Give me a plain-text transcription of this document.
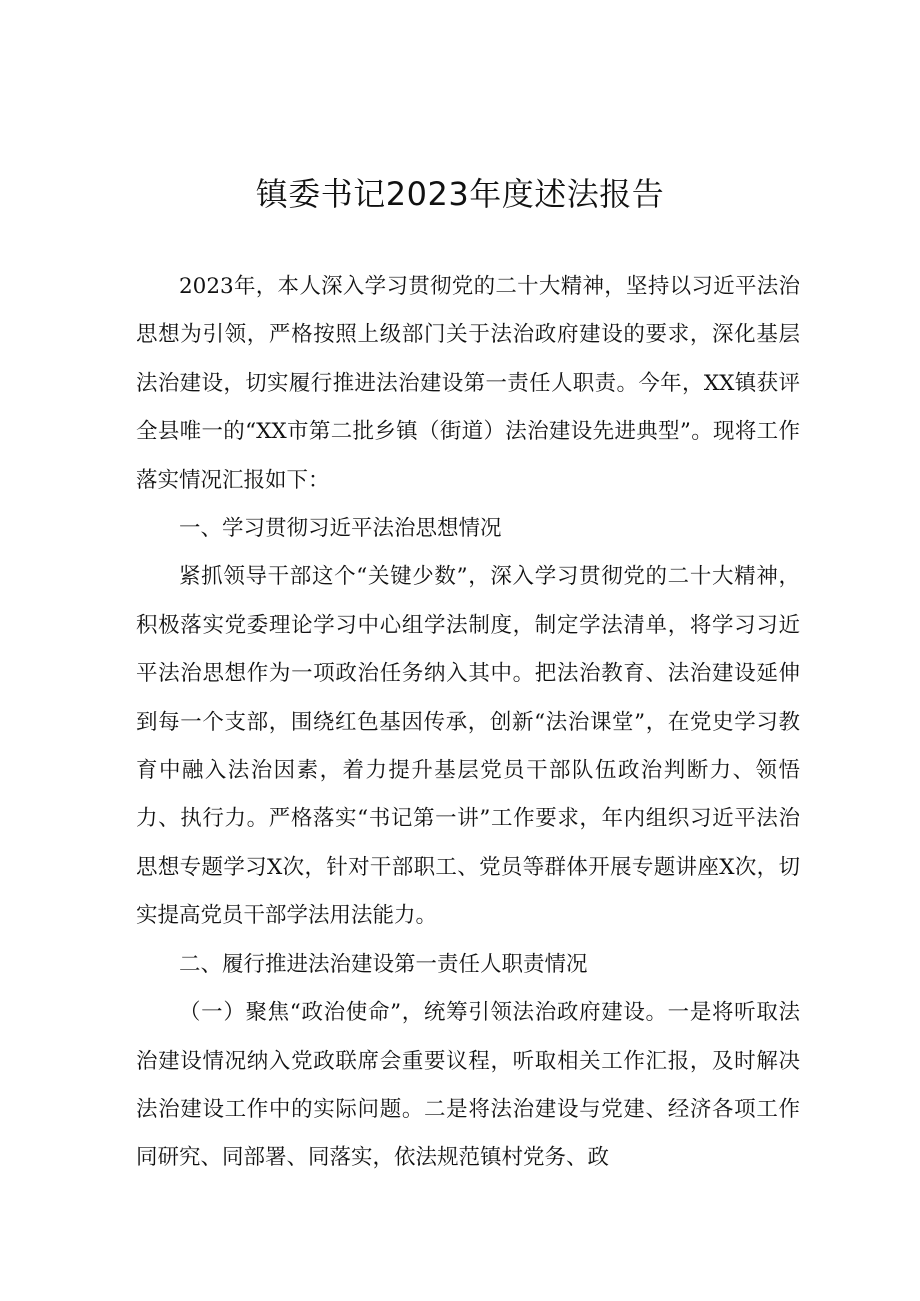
镇委书记2023年度述法报告

2023年，本人深入学习贯彻党的二十大精神，坚持以习近平法治思想为引领，严格按照上级部门关于法治政府建设的要求，深化基层法治建设，切实履行推进法治建设第一责任人职责。今年，XX镇获评全县唯一的“XX市第二批乡镇（街道）法治建设先进典型”。现将工作落实情况汇报如下：

一、学习贯彻习近平法治思想情况

紧抓领导干部这个“关键少数”，深入学习贯彻党的二十大精神，积极落实党委理论学习中心组学法制度，制定学法清单，将学习习近平法治思想作为一项政治任务纳入其中。把法治教育、法治建设延伸到每一个支部，围绕红色基因传承，创新“法治课堂”，在党史学习教育中融入法治因素，着力提升基层党员干部队伍政治判断力、领悟力、执行力。严格落实“书记第一讲”工作要求，年内组织习近平法治思想专题学习X次，针对干部职工、党员等群体开展专题讲座X次，切实提高党员干部学法用法能力。

二、履行推进法治建设第一责任人职责情况

（一）聚焦“政治使命”，统筹引领法治政府建设。一是将听取法治建设情况纳入党政联席会重要议程，听取相关工作汇报，及时解决法治建设工作中的实际问题。二是将法治建设与党建、经济各项工作同研究、同部署、同落实，依法规范镇村党务、政
